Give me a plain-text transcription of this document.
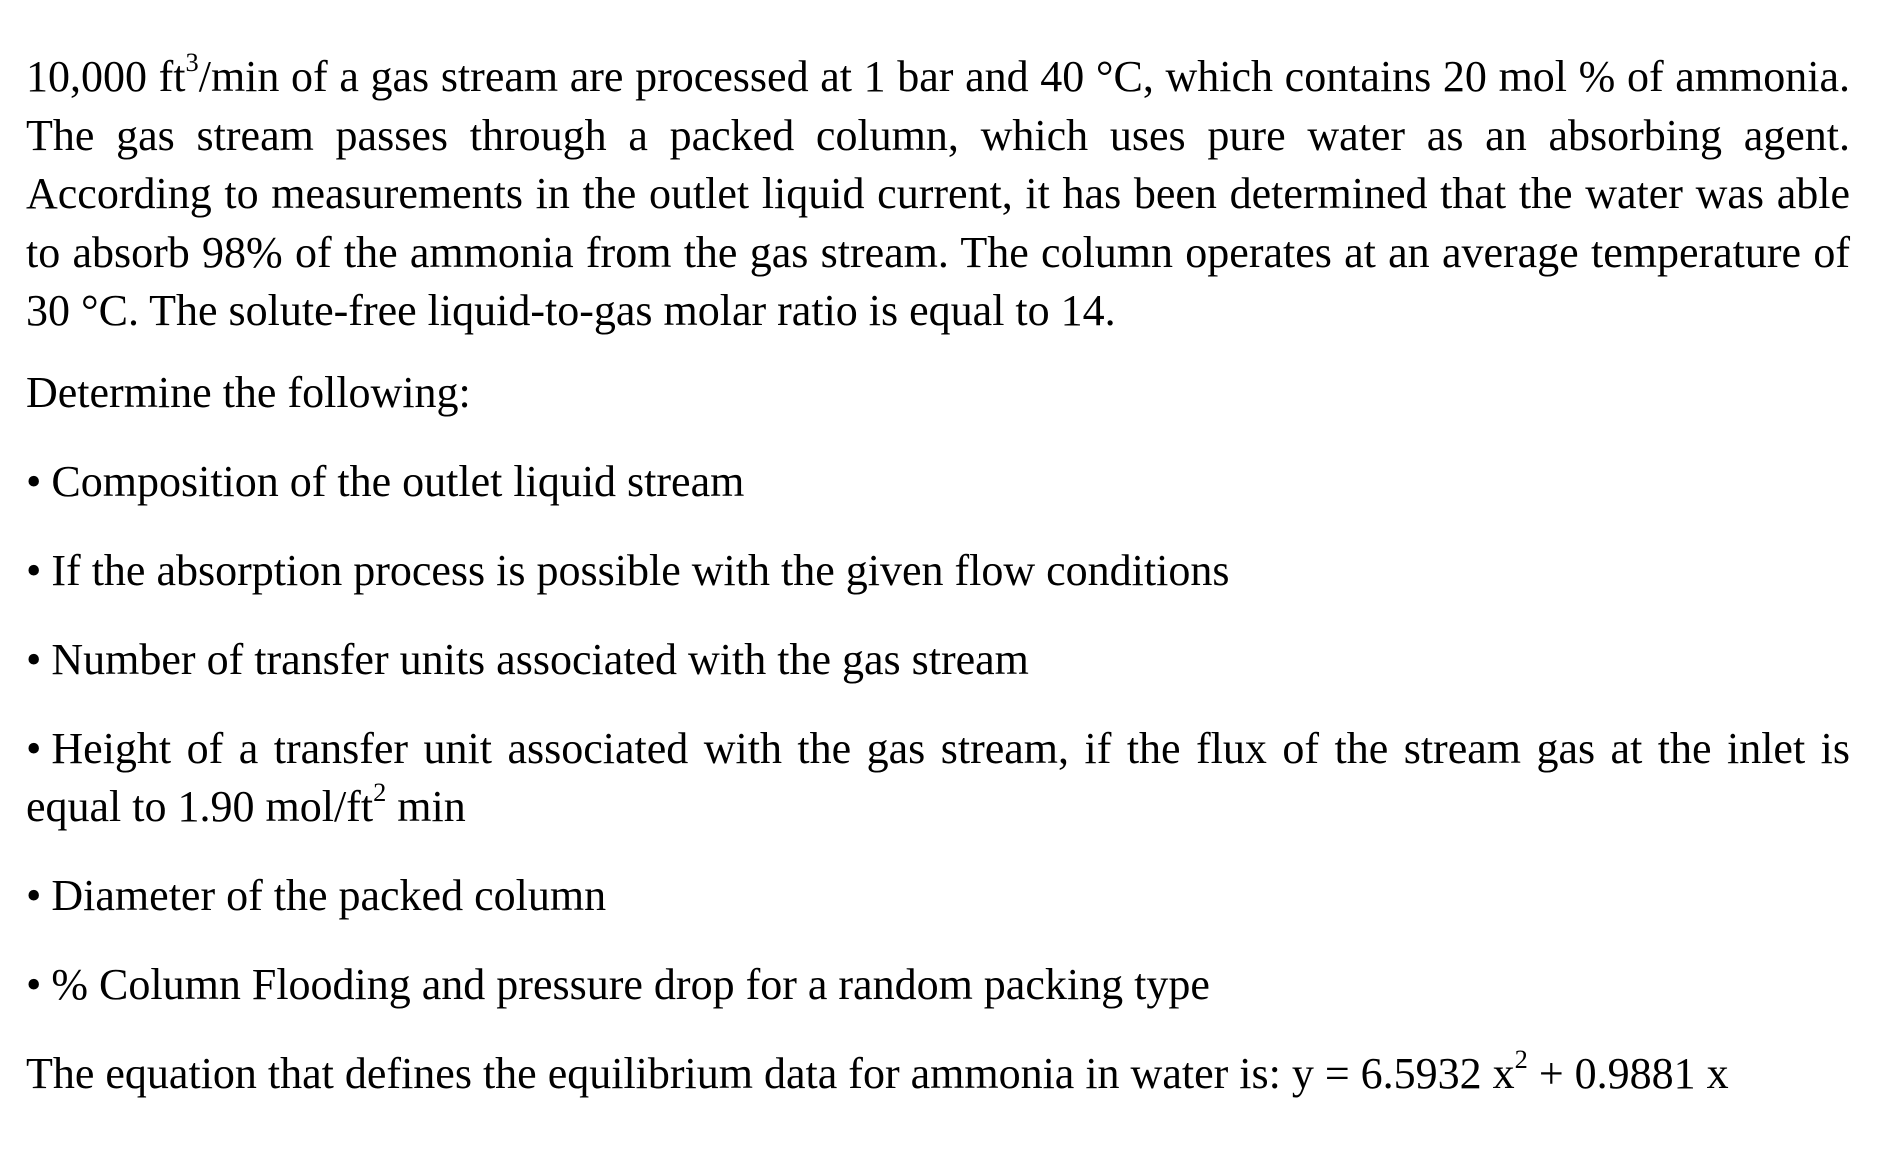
10,000 $ft^3/\min$ of a gas stream are processed at 1 bar and 40 °C, which contains 20 mol % of ammonia. The gas stream passes through a packed column, which uses pure water as an absorbing agent. According to measurements in the outlet liquid current, it has been determined that the water was able to absorb 98% of the ammonia from the gas stream. The column operates at an average temperature of 30 °C. The solute-free liquid-to-gas molar ratio is equal to 14.

Determine the following:

• Composition of the outlet liquid stream

• If the absorption process is possible with the given flow conditions

• Number of transfer units associated with the gas stream

• Height of a transfer unit associated with the gas stream, if the flux of the stream gas at the inlet is equal to 1.90 mol/$ft^2$ min

• Diameter of the packed column

• % Column Flooding and pressure drop for a random packing type

The equation that defines the equilibrium data for ammonia in water is: y = 6.5932 $x^2 + 0.9881$ x
